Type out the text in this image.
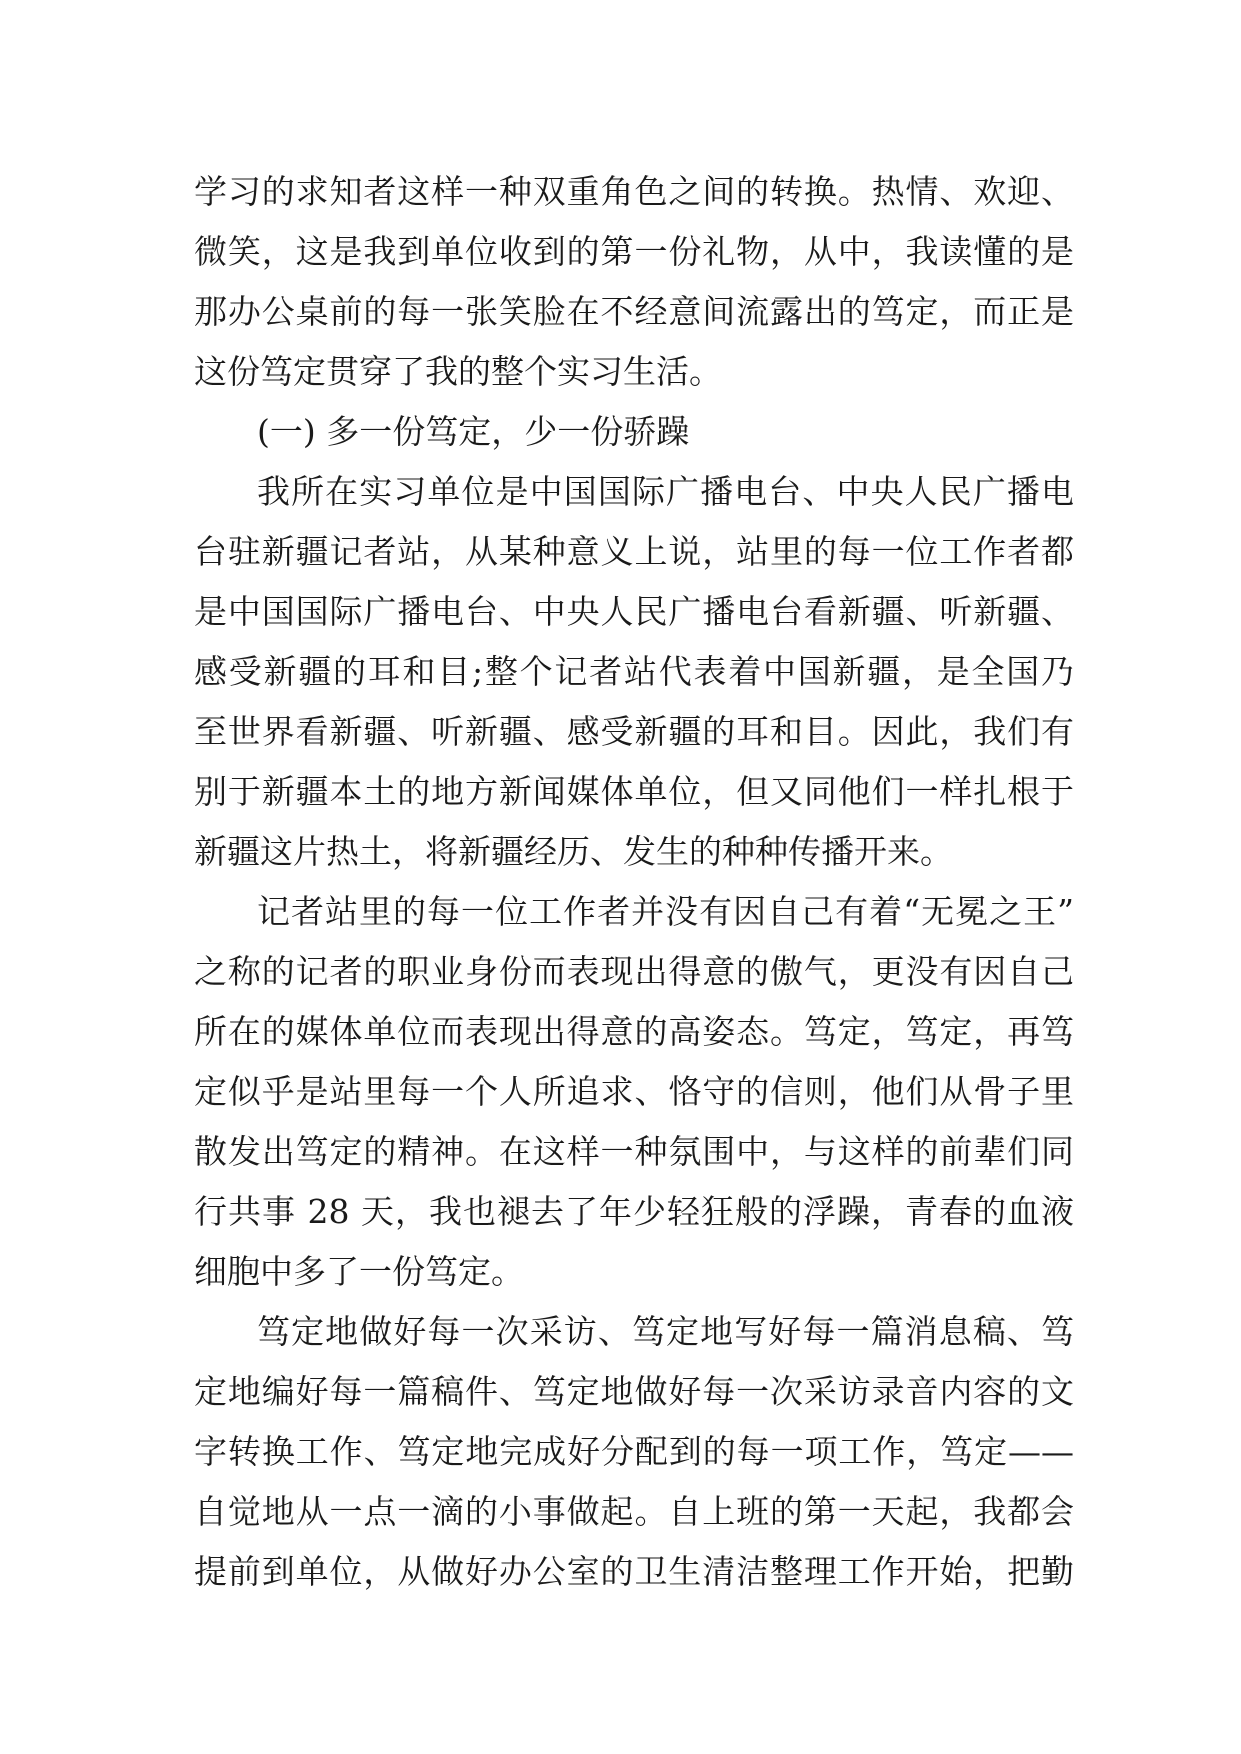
学习的求知者这样一种双重角色之间的转换。热情、欢迎、
微笑，这是我到单位收到的第一份礼物，从中，我读懂的是
那办公桌前的每一张笑脸在不经意间流露出的笃定，而正是
这份笃定贯穿了我的整个实习生活。
(一) 多一份笃定，少一份骄躁
我所在实习单位是中国国际广播电台、中央人民广播电
台驻新疆记者站，从某种意义上说，站里的每一位工作者都
是中国国际广播电台、中央人民广播电台看新疆、听新疆、
感受新疆的耳和目;整个记者站代表着中国新疆，是全国乃
至世界看新疆、听新疆、感受新疆的耳和目。因此，我们有
别于新疆本土的地方新闻媒体单位，但又同他们一样扎根于
新疆这片热土，将新疆经历、发生的种种传播开来。
记者站里的每一位工作者并没有因自己有着“无冕之王”
之称的记者的职业身份而表现出得意的傲气，更没有因自己
所在的媒体单位而表现出得意的高姿态。笃定，笃定，再笃
定似乎是站里每一个人所追求、恪守的信则，他们从骨子里
散发出笃定的精神。在这样一种氛围中，与这样的前辈们同
行共事 28 天，我也褪去了年少轻狂般的浮躁，青春的血液
细胞中多了一份笃定。
笃定地做好每一次采访、笃定地写好每一篇消息稿、笃
定地编好每一篇稿件、笃定地做好每一次采访录音内容的文
字转换工作、笃定地完成好分配到的每一项工作，笃定——
自觉地从一点一滴的小事做起。自上班的第一天起，我都会
提前到单位，从做好办公室的卫生清洁整理工作开始，把勤
